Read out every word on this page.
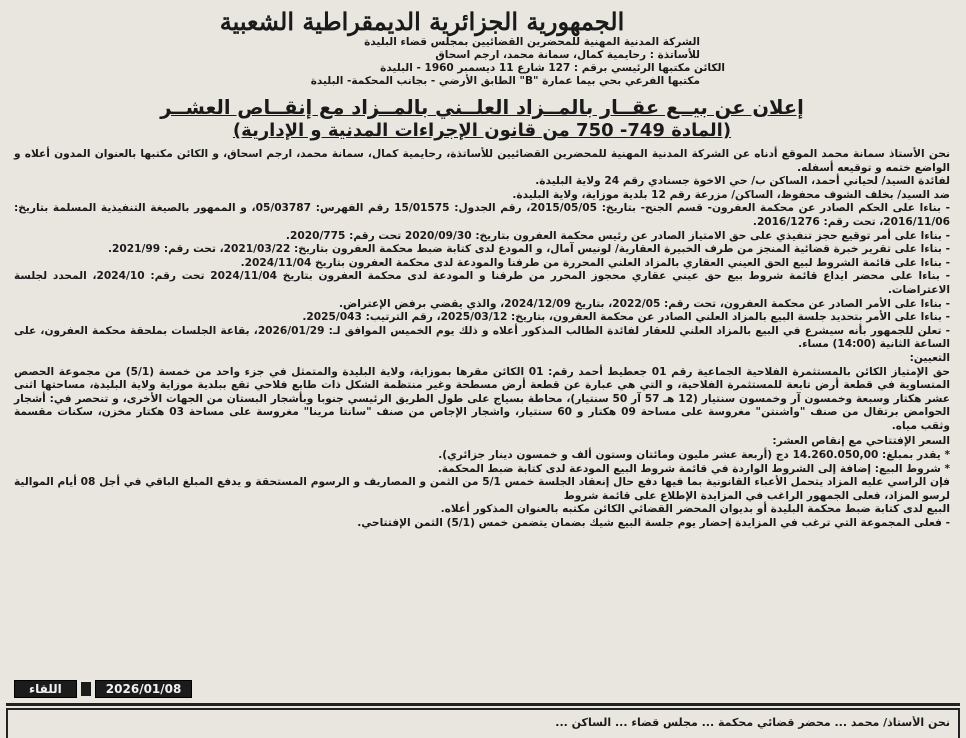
الجمهورية الجزائرية الديمقراطية الشعبية
الشركة المدنية المهنية للمحضرين القضائيين بمجلس قضاء البليدة
للأساتذة : رحايمية كمال، سمانة محمد، ارجم اسحاق
الكائن مكتبها الرئيسي برقم : 127 شارع 11 ديسمبر 1960 - البليدة
مكتبها الفرعي بحي بيما عمارة "B" الطابق الأرضي - بجانب المحكمة- البليدة
إعلان عن بيــع عقــار بالمــزاد العلــني بالمــزاد مع إنقــاص العشــر
(المادة 749- 750 من قانون الإجراءات المدنية و الإدارية)

نحن الأستاذ سمانة محمد الموقع أدناه عن الشركة المدنية المهنية للمحضرين القضائيين للأساتذة، رحايمية كمال، سمانة محمد، ارجم اسحاق، و الكائن مكتبها بالعنوان المدون أعلاه و الواضع ختمه و توقيعه أسفله.

لفائدة السيد/ لحياني أحمد، الساكن ب/ حي الاخوة جسنادي رقم 24 ولاية البليدة.

ضد السيد/ بخلف الشوف محفوظ، الساكن/ مزرعة رقم 12 بلدية موزاية، ولاية البليدة.

- بناءا على الحكم الصادر عن محكمة العفرون- قسم الجنح- بتاريخ: 2015/05/05، رقم الجدول: 15/01575 رقم الفهرس: 05/03787، و الممهور بالصيغة التنفيذية المسلمة بتاريخ: 2016/11/06، تحت رقم: 2016/1276.

- بناءا على أمر توقيع حجز تنفيذي على حق الامتياز الصادر عن رئيس محكمة العفرون بتاريخ: 2020/09/30 تحت رقم: 2020/775.

- بناءا على تقرير خبرة قضائية المنجز من طرف الخبيرة العقارية/ لونيس آمال، و المودع لدى كتابة ضبط محكمة العفرون بتاريخ: 2021/03/22، تحت رقم: 2021/99.

- بناءا على قائمة الشروط لبيع الحق العيني العقاري بالمزاد العلني المحررة من طرفنا والمودعة لدى محكمة العفرون بتاريخ 2024/11/04.

- بناءا على محضر ايداع قائمة شروط بيع حق عيني عقاري محجوز المحرر من طرفنا و المودعة لدى محكمة العفرون بتاريخ 2024/11/04 تحت رقم: 2024/10، المحدد لجلسة الاعتراضات.

- بناءا على الأمر الصادر عن محكمة العفرون، تحت رقم: 2022/05، بتاريخ 2024/12/09، والذي يقضي برفض الإعتراض.

- بناءا على الأمر بتحديد جلسة البيع بالمزاد العلني الصادر عن محكمة العفرون، بتاريخ: 2025/03/12، رقم الترتيب: 2025/043.

- تعلن للجمهور بأنه سيشرع في البيع بالمزاد العلني للعقار لفائدة الطالب المذكور أعلاه و ذلك يوم الخميس الموافق لـ: 2026/01/29، بقاعة الجلسات بملحقة محكمة العفرون، على الساعة الثانية (14:00) مساء.

التعيين:

حق الإمتياز الكائن بالمستثمرة الفلاحية الجماعية رقم 01 جعطيط أحمد رقم: 01 الكائن مقرها بموزاية، ولاية البليدة والمتمثل في جزء واحد من خمسة (5/1) من مجموعة الحصص المتساوية في قطعة أرض تابعة للمستثمرة الفلاحية، و التي هي عبارة عن قطعة أرض مسطحة وغير منتظمة الشكل ذات طابع فلاحي تقع ببلدية موزاية ولاية البليدة، مساحتها اثنى عشر هكتار وسبعة وخمسون آر وخمسون سنتيار (12 هـ 57 آر 50 سنتيار)، محاطة بسياج على طول الطريق الرئيسي جنوبا وبأشجار البستان من الجهات الأخرى، و تنحصر في: أشجار الحوامض برتقال من صنف "واشنتن" مغروسة على مساحة 09 هكتار و 60 سنتيار، واشجار الإجاص من صنف "سانتا مرينا" مغروسة على مساحة 03 هكتار مخزن، سكنات مقسمة وثقب مياه.

السعر الإفتتاحي مع إنقاص العشر:

* يقدر بمبلغ: 14.260.050,00 دج (أربعة عشر مليون ومائتان وستون ألف و خمسون دينار جزائري).

* شروط البيع: إضافة إلى الشروط الواردة في قائمة شروط البيع المودعة لدى كتابة ضبط المحكمة.

فإن الراسي عليه المزاد يتحمل الأعباء القانونية بما فيها دفع حال إنعقاد الجلسة خمس 5/1 من الثمن و المصاريف و الرسوم المستحقة و يدفع المبلغ الباقي في أجل 08 أيام الموالية لرسو المزاد، فعلى الجمهور الراغب في المزايدة الإطلاع على قائمة شروط

البيع لدى كتابة ضبط محكمة البليدة أو بديوان المحضر القضائي الكائن مكتبه بالعنوان المذكور أعلاه.

- فعلى المجموعة التي ترغب في المزايدة إحضار يوم جلسة البيع شيك بضمان يتضمن خمس (5/1) الثمن الإفتتاحي.

اللقاء	2026/01/08
نحن الأستاذ/ محمد ... محضر قضائي محكمة ... مجلس قضاء ... الساكن ...
